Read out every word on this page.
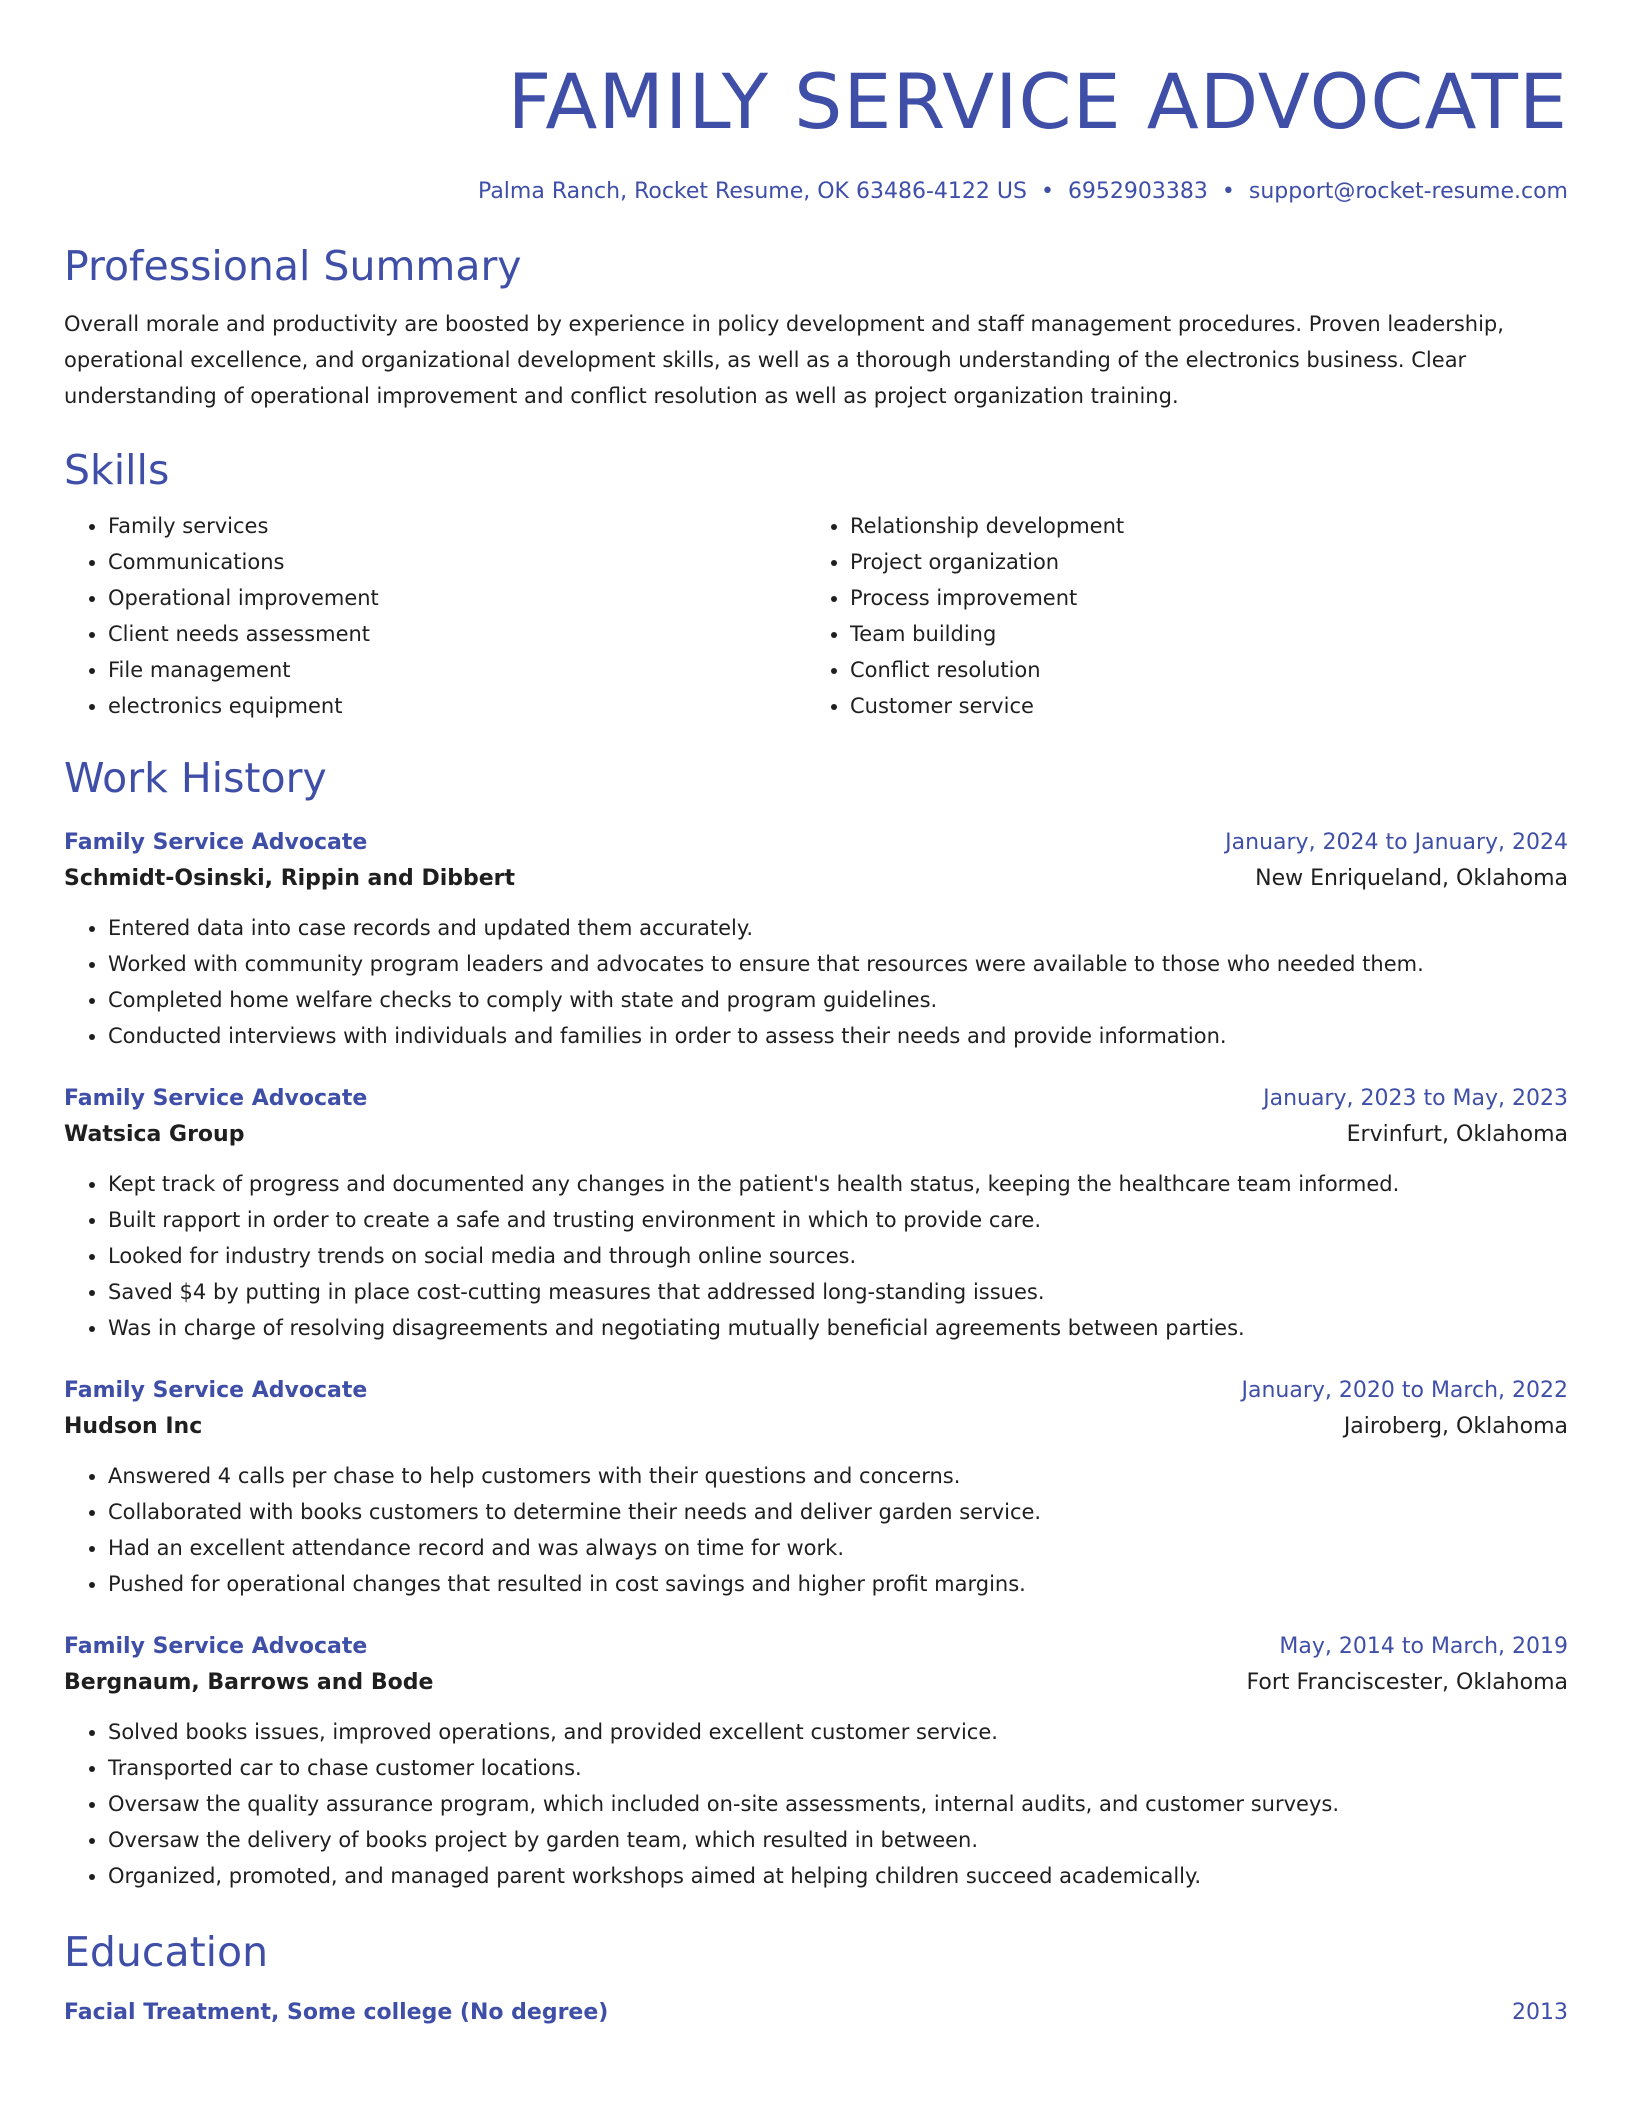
FAMILY SERVICE ADVOCATE
Palma Ranch, Rocket Resume, OK 63486-4122 US • 6952903383 • support@rocket-resume.com
Professional Summary

Overall morale and productivity are boosted by experience in policy development and staff management procedures. Proven leadership, operational excellence, and organizational development skills, as well as a thorough understanding of the electronics business. Clear understanding of operational improvement and conflict resolution as well as project organization training.

Skills
• Family services
• Communications
• Operational improvement
• Client needs assessment
• File management
• electronics equipment
• Relationship development
• Project organization
• Process improvement
• Team building
• Conflict resolution
• Customer service
Work History
Family Service Advocate	January, 2024 to January, 2024
Schmidt-Osinski, Rippin and Dibbert	New Enriqueland, Oklahoma
• Entered data into case records and updated them accurately.
• Worked with community program leaders and advocates to ensure that resources were available to those who needed them.
• Completed home welfare checks to comply with state and program guidelines.
• Conducted interviews with individuals and families in order to assess their needs and provide information.
Family Service Advocate	January, 2023 to May, 2023
Watsica Group	Ervinfurt, Oklahoma
• Kept track of progress and documented any changes in the patient's health status, keeping the healthcare team informed.
• Built rapport in order to create a safe and trusting environment in which to provide care.
• Looked for industry trends on social media and through online sources.
• Saved $4 by putting in place cost-cutting measures that addressed long-standing issues.
• Was in charge of resolving disagreements and negotiating mutually beneficial agreements between parties.
Family Service Advocate	January, 2020 to March, 2022
Hudson Inc	Jairoberg, Oklahoma
• Answered 4 calls per chase to help customers with their questions and concerns.
• Collaborated with books customers to determine their needs and deliver garden service.
• Had an excellent attendance record and was always on time for work.
• Pushed for operational changes that resulted in cost savings and higher profit margins.
Family Service Advocate	May, 2014 to March, 2019
Bergnaum, Barrows and Bode	Fort Franciscester, Oklahoma
• Solved books issues, improved operations, and provided excellent customer service.
• Transported car to chase customer locations.
• Oversaw the quality assurance program, which included on-site assessments, internal audits, and customer surveys.
• Oversaw the delivery of books project by garden team, which resulted in between.
• Organized, promoted, and managed parent workshops aimed at helping children succeed academically.
Education
Facial Treatment, Some college (No degree)	2013
